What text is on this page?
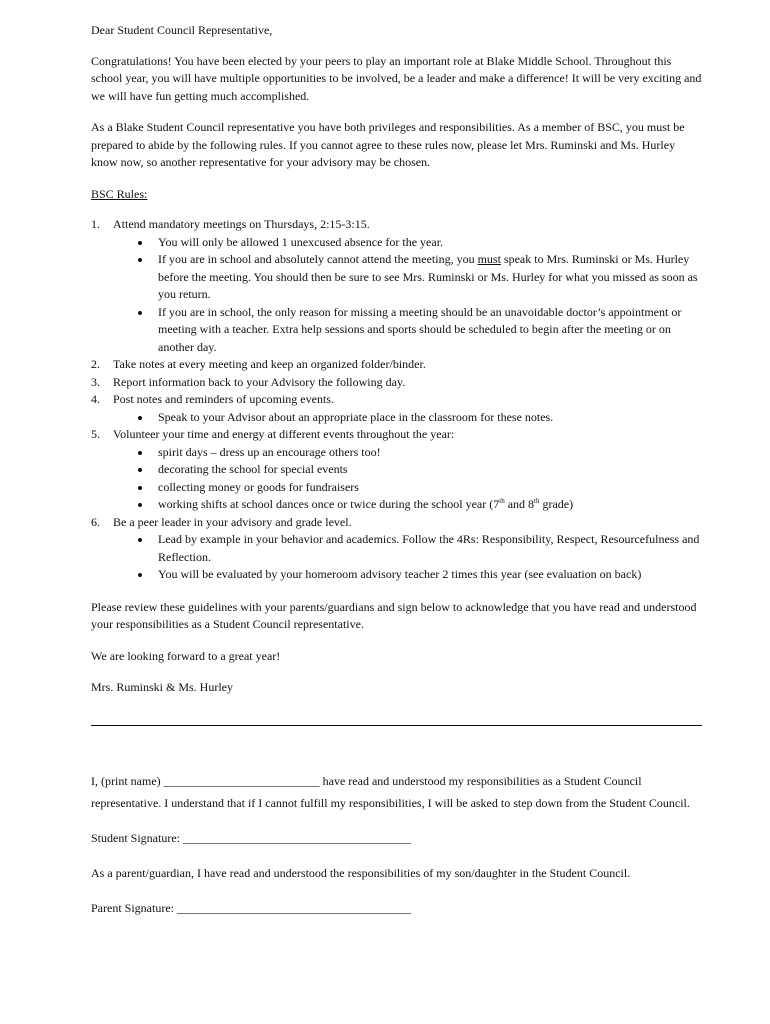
Dear Student Council Representative,

Congratulations! You have been elected by your peers to play an important role at Blake Middle School. Throughout this school year, you will have multiple opportunities to be involved, be a leader and make a difference! It will be very exciting and we will have fun getting much accomplished.

As a Blake Student Council representative you have both privileges and responsibilities. As a member of BSC, you must be prepared to abide by the following rules. If you cannot agree to these rules now, please let Mrs. Ruminski and Ms. Hurley know now, so another representative for your advisory may be chosen.

BSC Rules:

1. Attend mandatory meetings on Thursdays, 2:15-3:15.
You will only be allowed 1 unexcused absence for the year.
If you are in school and absolutely cannot attend the meeting, you must speak to Mrs. Ruminski or Ms. Hurley before the meeting. You should then be sure to see Mrs. Ruminski or Ms. Hurley for what you missed as soon as you return.
If you are in school, the only reason for missing a meeting should be an unavoidable doctor’s appointment or meeting with a teacher. Extra help sessions and sports should be scheduled to begin after the meeting or on another day.
2. Take notes at every meeting and keep an organized folder/binder.
3. Report information back to your Advisory the following day.
4. Post notes and reminders of upcoming events.
Speak to your Advisor about an appropriate place in the classroom for these notes.
5. Volunteer your time and energy at different events throughout the year:
spirit days – dress up an encourage others too!
decorating the school for special events
collecting money or goods for fundraisers
working shifts at school dances once or twice during the school year (7th and 8th grade)
6. Be a peer leader in your advisory and grade level.
Lead by example in your behavior and academics. Follow the 4Rs: Responsibility, Respect, Resourcefulness and Reflection.
You will be evaluated by your homeroom advisory teacher 2 times this year (see evaluation on back)

Please review these guidelines with your parents/guardians and sign below to acknowledge that you have read and understood your responsibilities as a Student Council representative.

We are looking forward to a great year!

Mrs. Ruminski & Ms. Hurley

I, (print name) __________________________ have read and understood my responsibilities as a Student Council representative. I understand that if I cannot fulfill my responsibilities, I will be asked to step down from the Student Council.

Student Signature: ______________________________________

As a parent/guardian, I have read and understood the responsibilities of my son/daughter in the Student Council.

Parent Signature: _______________________________________
